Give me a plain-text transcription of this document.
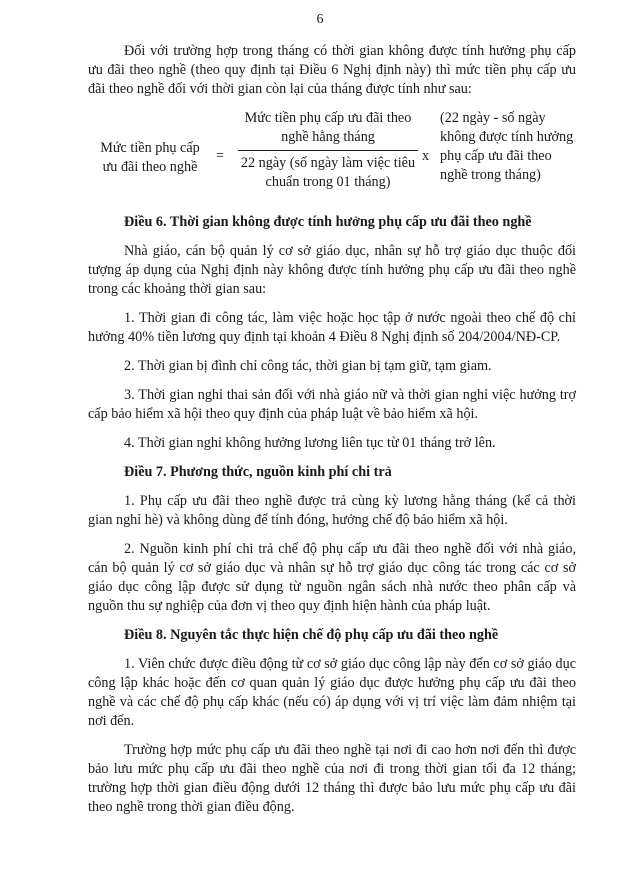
6

Đối với trường hợp trong tháng có thời gian không được tính hưởng phụ cấp ưu đãi theo nghề (theo quy định tại Điều 6 Nghị định này) thì mức tiền phụ cấp ưu đãi theo nghề đối với thời gian còn lại của tháng được tính như sau:

Mức tiền phụ cấp ưu đãi theo nghề
=
Mức tiền phụ cấp ưu đãi theo nghề hằng tháng
22 ngày (số ngày làm việc tiêu chuẩn trong 01 tháng)
x
(22 ngày - số ngày không được tính hưởng phụ cấp ưu đãi theo nghề trong tháng)
Điều 6. Thời gian không được tính hưởng phụ cấp ưu đãi theo nghề

Nhà giáo, cán bộ quản lý cơ sở giáo dục, nhân sự hỗ trợ giáo dục thuộc đối tượng áp dụng của Nghị định này không được tính hưởng phụ cấp ưu đãi theo nghề trong các khoảng thời gian sau:

1. Thời gian đi công tác, làm việc hoặc học tập ở nước ngoài theo chế độ chỉ hưởng 40% tiền lương quy định tại khoản 4 Điều 8 Nghị định số 204/2004/NĐ-CP.

2. Thời gian bị đình chỉ công tác, thời gian bị tạm giữ, tạm giam.

3. Thời gian nghỉ thai sản đối với nhà giáo nữ và thời gian nghỉ việc hưởng trợ cấp bảo hiểm xã hội theo quy định của pháp luật về bảo hiểm xã hội.

4. Thời gian nghỉ không hưởng lương liên tục từ 01 tháng trở lên.

Điều 7. Phương thức, nguồn kinh phí chi trả

1. Phụ cấp ưu đãi theo nghề được trả cùng kỳ lương hằng tháng (kể cả thời gian nghỉ hè) và không dùng để tính đóng, hưởng chế độ bảo hiểm xã hội.

2. Nguồn kinh phí chi trả chế độ phụ cấp ưu đãi theo nghề đối với nhà giáo, cán bộ quản lý cơ sở giáo dục và nhân sự hỗ trợ giáo dục công tác trong các cơ sở giáo dục công lập được sử dụng từ nguồn ngân sách nhà nước theo phân cấp và nguồn thu sự nghiệp của đơn vị theo quy định hiện hành của pháp luật.

Điều 8. Nguyên tắc thực hiện chế độ phụ cấp ưu đãi theo nghề

1. Viên chức được điều động từ cơ sở giáo dục công lập này đến cơ sở giáo dục công lập khác hoặc đến cơ quan quản lý giáo dục được hưởng phụ cấp ưu đãi theo nghề và các chế độ phụ cấp khác (nếu có) áp dụng với vị trí việc làm đảm nhiệm tại nơi đến.

Trường hợp mức phụ cấp ưu đãi theo nghề tại nơi đi cao hơn nơi đến thì được bảo lưu mức phụ cấp ưu đãi theo nghề của nơi đi trong thời gian tối đa 12 tháng; trường hợp thời gian điều động dưới 12 tháng thì được bảo lưu mức phụ cấp ưu đãi theo nghề trong thời gian điều động.
